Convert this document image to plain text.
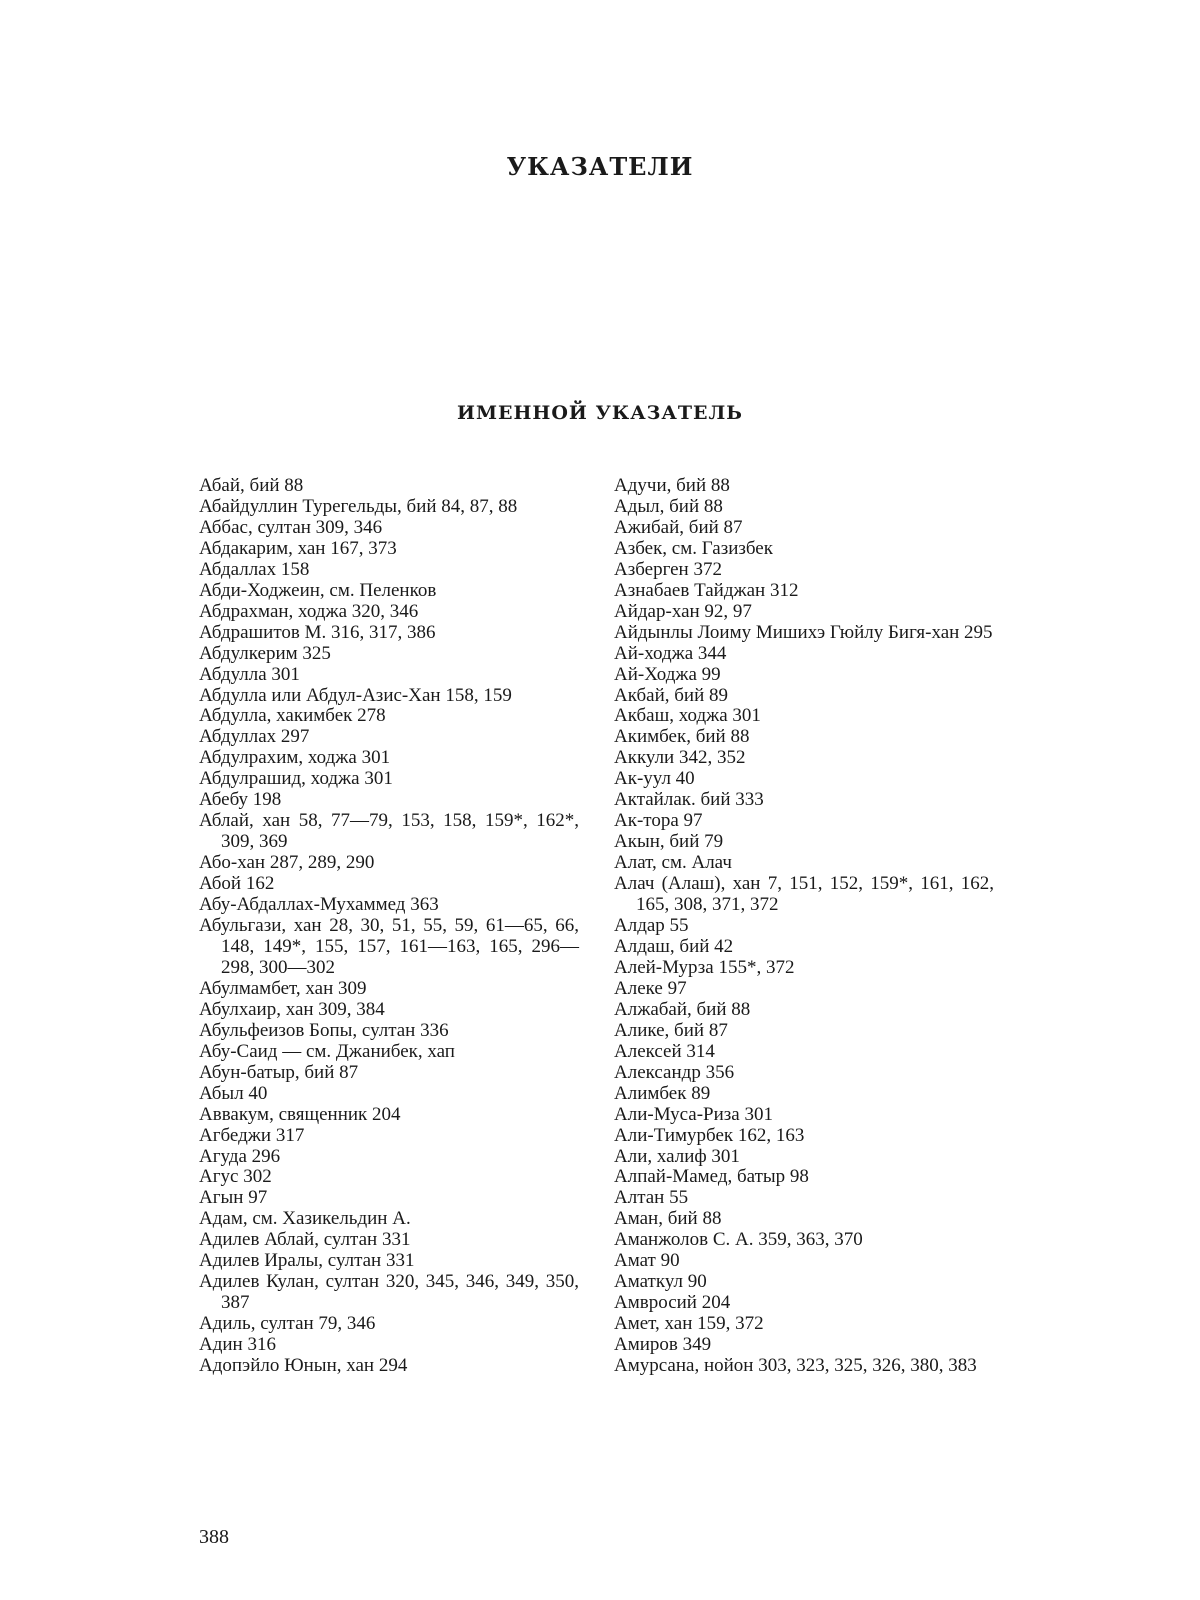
УКАЗАТЕЛИ
ИМЕННОЙ УКАЗАТЕЛЬ

Абай, бий 88

Абайдуллин Турегельды, бий 84, 87, 88

Аббас, султан 309, 346

Абдакарим, хан 167, 373

Абдаллах 158

Абди-Ходжеин, см. Пеленков

Абдрахман, ходжа 320, 346

Абдрашитов М. 316, 317, 386

Абдулкерим 325

Абдулла 301

Абдулла или Абдул-Азис-Хан 158, 159

Абдулла, хакимбек 278

Абдуллах 297

Абдулрахим, ходжа 301

Абдулрашид, ходжа 301

Абебу 198

Аблай, хан 58, 77—79, 153, 158, 159*, 162*, 309, 369

Або-хан 287, 289, 290

Абой 162

Абу-Абдаллах-Мухаммед 363

Абульгази, хан 28, 30, 51, 55, 59, 61—65, 66, 148, 149*, 155, 157, 161—163, 165, 296—298, 300—302

Абулмамбет, хан 309

Абулхаир, хан 309, 384

Абульфеизов Бопы, султан 336

Абу-Саид — см. Джанибек, хап

Абун-батыр, бий 87

Абыл 40

Аввакум, священник 204

Агбеджи 317

Агуда 296

Агус 302

Агын 97

Адам, см. Хазикельдин А.

Адилев Аблай, султан 331

Адилев Иралы, султан 331

Адилев Кулан, султан 320, 345, 346, 349, 350, 387

Адиль, султан 79, 346

Адин 316

Адопэйло Юнын, хан 294

Адучи, бий 88

Адыл, бий 88

Ажибай, бий 87

Азбек, см. Газизбек

Азберген 372

Азнабаев Тайджан 312

Айдар-хан 92, 97

Айдынлы Лоиму Мишихэ Гюйлу Бигя-хан 295

Ай-ходжа 344

Ай-Ходжа 99

Акбай, бий 89

Акбаш, ходжа 301

Акимбек, бий 88

Аккули 342, 352

Ак-уул 40

Актайлак. бий 333

Ак-тора 97

Акын, бий 79

Алат, см. Алач

Алач (Алаш), хан 7, 151, 152, 159*, 161, 162, 165, 308, 371, 372

Алдар 55

Алдаш, бий 42

Алей-Мурза 155*, 372

Алеке 97

Алжабай, бий 88

Алике, бий 87

Алексей 314

Александр 356

Алимбек 89

Али-Муса-Риза 301

Али-Тимурбек 162, 163

Али, халиф 301

Алпай-Мамед, батыр 98

Алтан 55

Аман, бий 88

Аманжолов С. А. 359, 363, 370

Амат 90

Аматкул 90

Амвросий 204

Амет, хан 159, 372

Амиров 349

Амурсана, нойон 303, 323, 325, 326, 380, 383

388
